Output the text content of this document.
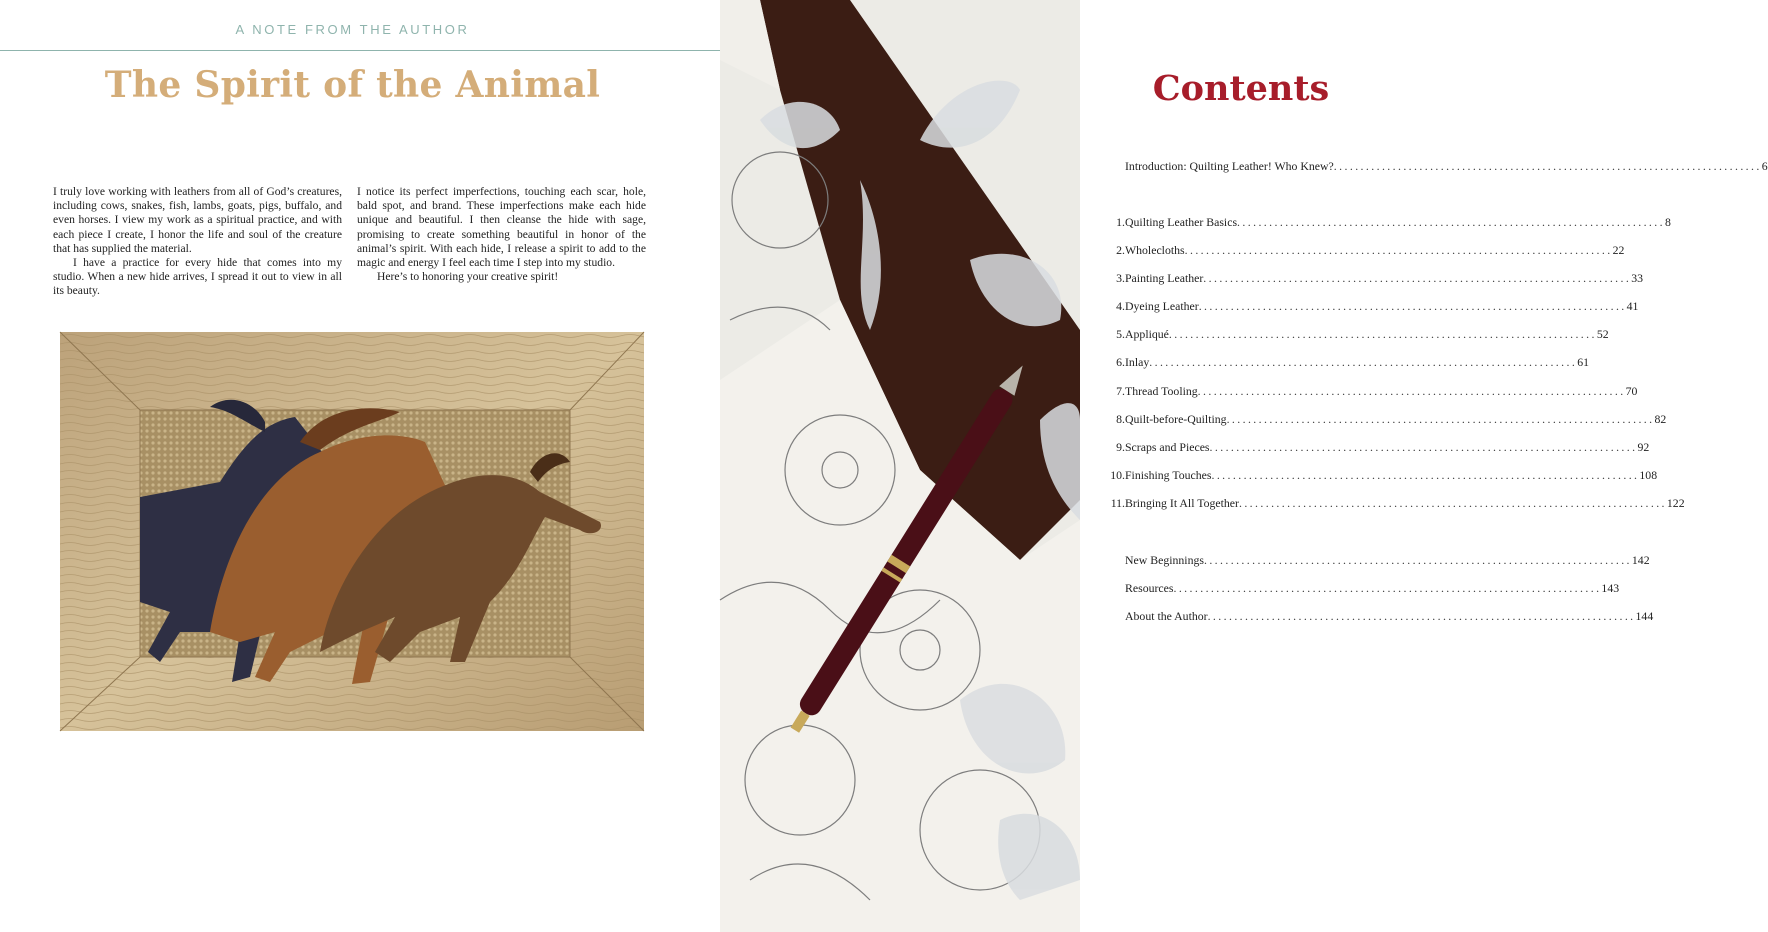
A NOTE FROM THE AUTHOR
The Spirit of the Animal

I truly love working with leathers from all of God’s creatures, including cows, snakes, fish, lambs, goats, pigs, buffalo, and even horses. I view my work as a spiritual practice, and with each piece I create, I honor the life and soul of the creature that has supplied the material.

I have a practice for every hide that comes into my studio. When a new hide arrives, I spread it out to view in all its beauty.

I notice its perfect imperfections, touching each scar, hole, bald spot, and brand. These imperfections make each hide unique and beautiful. I then cleanse the hide with sage, promising to create something beautiful in honor of the animal’s spirit. With each hide, I release a spirit to add to the magic and energy I feel each time I step into my studio.

Here’s to honoring your creative spirit!

Contents
Introduction: Quilting Leather! Who Knew? ................................................................................ 6
1. Quilting Leather Basics ................................................................................ 8
2. Wholecloths ................................................................................ 22
3. Painting Leather ................................................................................ 33
4. Dyeing Leather ................................................................................ 41
5. Appliqué ................................................................................ 52
6. Inlay ................................................................................ 61
7. Thread Tooling ................................................................................ 70
8. Quilt-before-Quilting ................................................................................ 82
9. Scraps and Pieces ................................................................................ 92
10. Finishing Touches ................................................................................ 108
11. Bringing It All Together ................................................................................ 122
New Beginnings ................................................................................ 142
Resources ................................................................................ 143
About the Author ................................................................................ 144
